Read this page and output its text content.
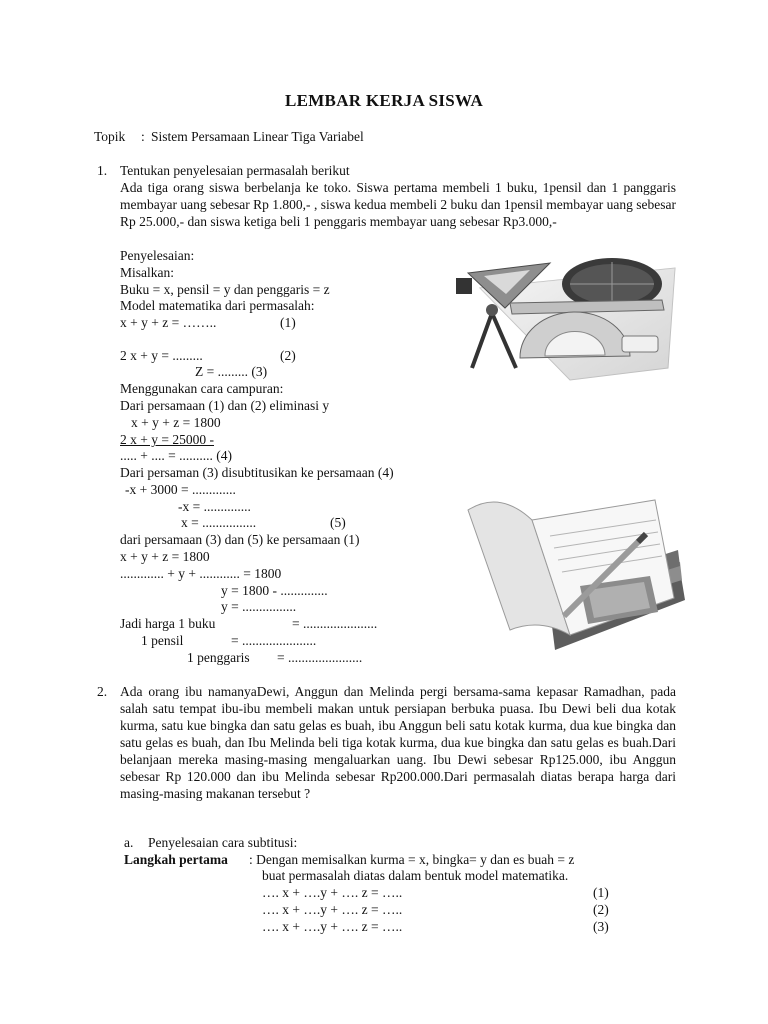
LEMBAR KERJA SISWA
Topik : Sistem Persamaan Linear Tiga Variabel
1. Tentukan penyelesaian permasalah berikut
Ada tiga orang siswa berbelanja ke toko. Siswa pertama membeli 1 buku, 1pensil dan 1 panggaris membayar uang sebesar Rp 1.800,- , siswa kedua membeli 2 buku dan 1pensil membayar uang sebesar Rp 25.000,- dan siswa ketiga beli 1 penggaris membayar uang sebesar Rp3.000,-
Penyelesaian:
Misalkan:
Buku = x, pensil = y dan penggaris = z
Model matematika dari permasalah:
x + y + z = ……..	(1)
2 x + y = .........	(2)
Z = ......... (3)
Menggunakan cara campuran:
Dari persamaan (1) dan (2) eliminasi y
x + y + z = 1800
2 x + y = 25000 -
..... + .... = .......... (4)
Dari persaman (3) disubtitusikan ke persamaan (4)
-x + 3000 = .............
-x = ..............
x = ................	(5)
dari persamaan (3) dan (5) ke persamaan (1)
x + y + z = 1800
............. + y + ............ = 1800
y = 1800 - ..............
y = ................
Jadi harga 1 buku	= ......................
1 pensil	= ......................
1 penggaris = ......................
2. Ada orang ibu namanyaDewi, Anggun dan Melinda pergi bersama-sama kepasar Ramadhan, pada salah satu tempat ibu-ibu membeli makan untuk persiapan berbuka puasa. Ibu Dewi beli dua kotak kurma, satu kue bingka dan satu gelas es buah, ibu Anggun beli satu kotak kurma, dua kue bingka dan satu gelas es buah, dan Ibu Melinda beli tiga kotak kurma, dua kue bingka dan satu gelas es buah.Dari belanjaan mereka masing-masing mengaluarkan uang. Ibu Dewi sebesar Rp125.000, ibu Anggun sebesar Rp 120.000 dan ibu Melinda sebesar Rp200.000.Dari permasalah diatas berapa harga dari masing-masing makanan tersebut ?
a. Penyelesaian cara subtitusi:
Langkah pertama : Dengan memisalkan kurma = x, bingka= y dan es buah = z
buat permasalah diatas dalam bentuk model matematika.
…. x + ….y + …. z = …..	(1)
…. x + ….y + …. z = …..	(2)
…. x + ….y + …. z = …..	(3)
